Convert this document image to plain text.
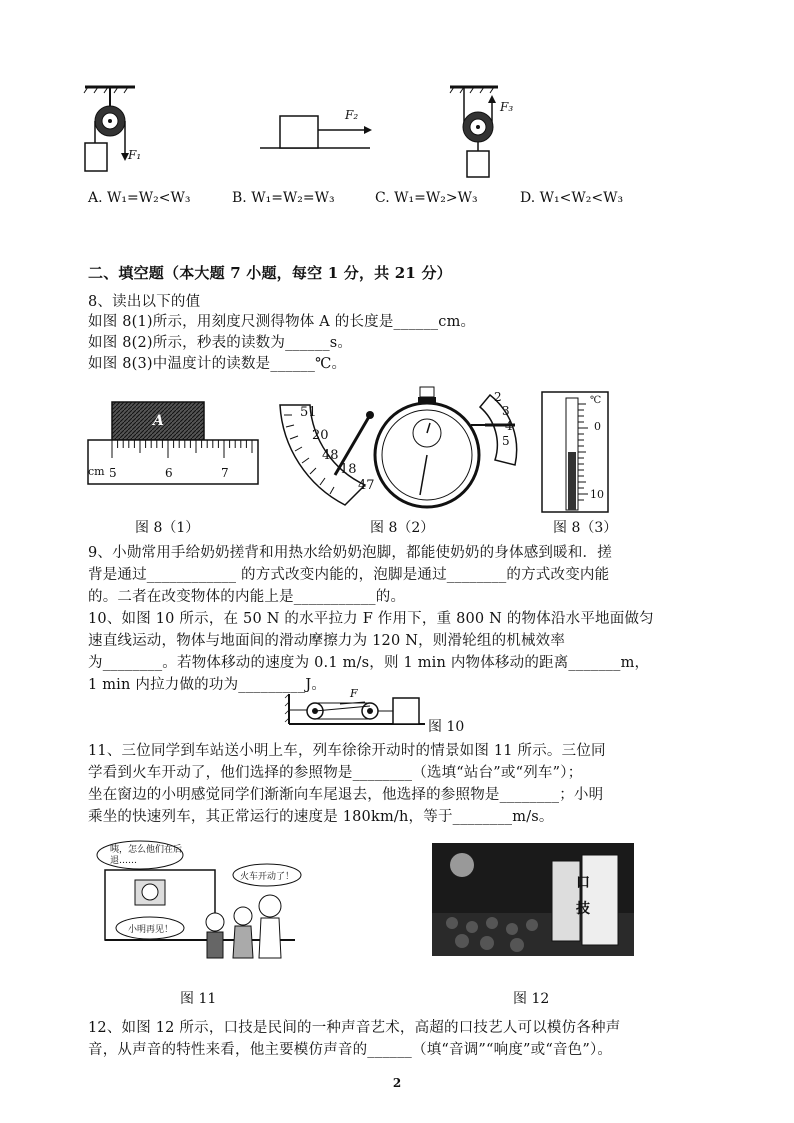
F₁
F₂
F₃
A. W₁=W₂<W₃	B. W₁=W₂=W₃	C. W₁=W₂>W₃	D. W₁<W₂<W₃
二、填空题（本大题 7 小题，每空 1 分，共 21 分）
8、读出以下的值
如图 8(1)所示，用刻度尺测得物体 A 的长度是______cm。
如图 8(2)所示，秒表的读数为______s。
如图 8(3)中温度计的读数是______℃。
A
cm 5	6	7
图 8（1）
51
20
48
18
47
2
3
4
5
图 8（2）
℃
0
10
图 8（3）
9、小勋常用手给奶奶搓背和用热水给奶奶泡脚，都能使奶奶的身体感到暖和．搓
背是通过____________ 的方式改变内能的，泡脚是通过________的方式改变内能
的。二者在改变物体的内能上是___________的。
10、如图 10 所示，在 50 N 的水平拉力 F 作用下，重 800 N 的物体沿水平地面做匀
速直线运动，物体与地面间的滑动摩擦力为 120 N，则滑轮组的机械效率
为________。若物体移动的速度为 0.1 m/s，则 1 min 内物体移动的距离_______m，
1 min 内拉力做的功为_________J。
F
图 10
11、三位同学到车站送小明上车，列车徐徐开动时的情景如图 11 所示。三位同
学看到火车开动了，他们选择的参照物是________（选填“站台”或“列车”）；
坐在窗边的小明感觉同学们渐渐向车尾退去，他选择的参照物是________；小明
乘坐的快速列车，其正常运行的速度是 180km/h，等于________m/s。
咦，怎么他们在后退……
火车开动了！
小明再见！
图 11
口技
图 12
12、如图 12 所示，口技是民间的一种声音艺术，高超的口技艺人可以模仿各种声
音，从声音的特性来看，他主要模仿声音的______（填“音调”“响度”或“音色”）。
2
